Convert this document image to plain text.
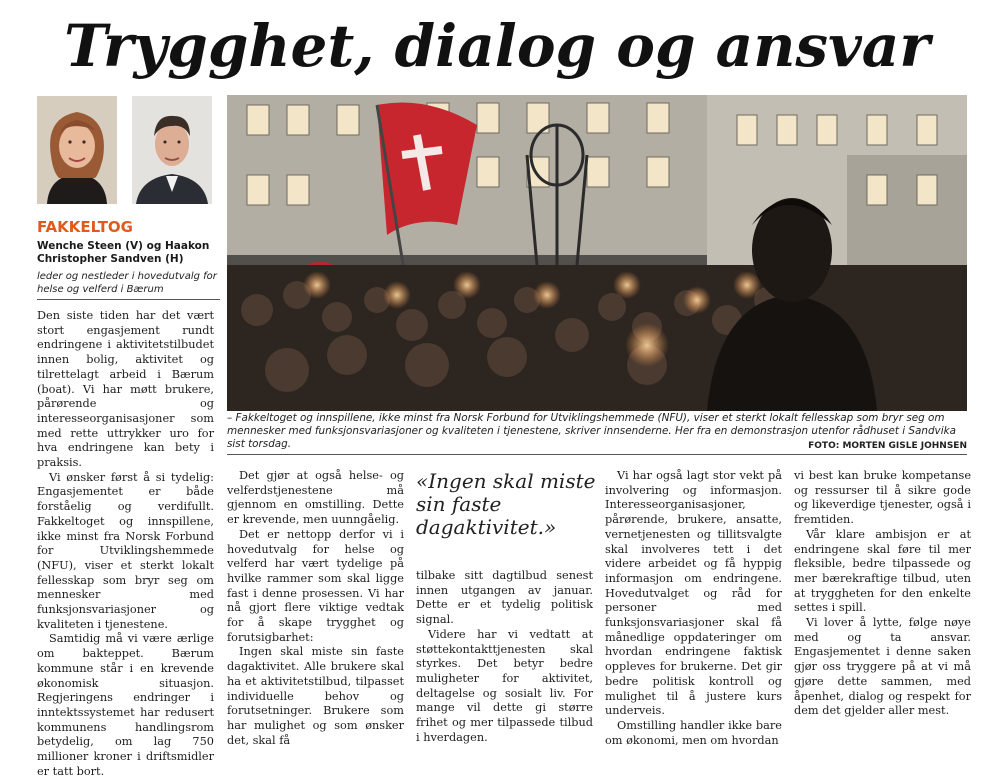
Trygghet, dialog og ansvar
FAKKELTOG
Wenche Steen (V) og Haakon Christopher Sandven (H)
leder og nestleder i hovedutvalg for helse og velferd i Bærum
– Fakkeltoget og innspillene, ikke minst fra Norsk Forbund for Utviklingshemmede (NFU), viser et sterkt lokalt fellesskap som bryr seg om mennesker med funksjonsvariasjoner og kvaliteten i tjenestene, skriver innsenderne. Her fra en demonstrasjon utenfor rådhuset i Sandvika sist torsdag.	FOTO: MORTEN GISLE JOHNSEN

Den siste tiden har det vært stort engasjement rundt endringene i aktivitetstilbudet innen bolig, aktivitet og tilrettelagt arbeid i Bærum (boat). Vi har møtt brukere, pårørende og interesseorganisasjoner som med rette uttrykker uro for hva endringene kan bety i praksis.

Vi ønsker først å si tydelig: Engasjementet er både forståelig og verdifullt. Fakkeltoget og innspillene, ikke minst fra Norsk Forbund for Utviklingshemmede (NFU), viser et sterkt lokalt fellesskap som bryr seg om mennesker med funksjonsvariasjoner og kvaliteten i tjenestene.

Samtidig må vi være ærlige om bakteppet. Bærum kommune står i en krevende økonomisk situasjon. Regjeringens endringer i inntektssystemet har redusert kommunens handlingsrom betydelig, om lag 750 millioner kroner i driftsmidler er tatt bort.

Det gjør at også helse- og velferdstjenestene må gjennom en omstilling. Dette er krevende, men uunngåelig.

Det er nettopp derfor vi i hovedutvalg for helse og velferd har vært tydelige på hvilke rammer som skal ligge fast i denne prosessen. Vi har nå gjort flere viktige vedtak for å skape trygghet og forutsigbarhet:

Ingen skal miste sin faste dagaktivitet. Alle brukere skal ha et aktivitetstilbud, tilpasset individuelle behov og forutsetninger. Brukere som har mulighet og som ønsker det, skal få

«Ingen skal miste sin faste dagaktivitet.»

tilbake sitt dagtilbud senest innen utgangen av januar. Dette er et tydelig politisk signal.

Videre har vi vedtatt at støttekontakttjenesten skal styrkes. Det betyr bedre muligheter for aktivitet, deltagelse og sosialt liv. For mange vil dette gi større frihet og mer tilpassede tilbud i hverdagen.

Vi har også lagt stor vekt på involvering og informasjon. Interesseorganisasjoner, pårørende, brukere, ansatte, vernetjenesten og tillitsvalgte skal involveres tett i det videre arbeidet og få hyppig informasjon om endringene. Hovedutvalget og råd for personer med funksjonsvariasjoner skal få månedlige oppdateringer om hvordan endringene faktisk oppleves for brukerne. Det gir bedre politisk kontroll og mulighet til å justere kurs underveis.

Omstilling handler ikke bare om økonomi, men om hvordan

vi best kan bruke kompetanse og ressurser til å sikre gode og likeverdige tjenester, også i fremtiden.

Vår klare ambisjon er at endringene skal føre til mer fleksible, bedre tilpassede og mer bærekraftige tilbud, uten at tryggheten for den enkelte settes i spill.

Vi lover å lytte, følge nøye med og ta ansvar. Engasjementet i denne saken gjør oss tryggere på at vi må gjøre dette sammen, med åpenhet, dialog og respekt for dem det gjelder aller mest.
